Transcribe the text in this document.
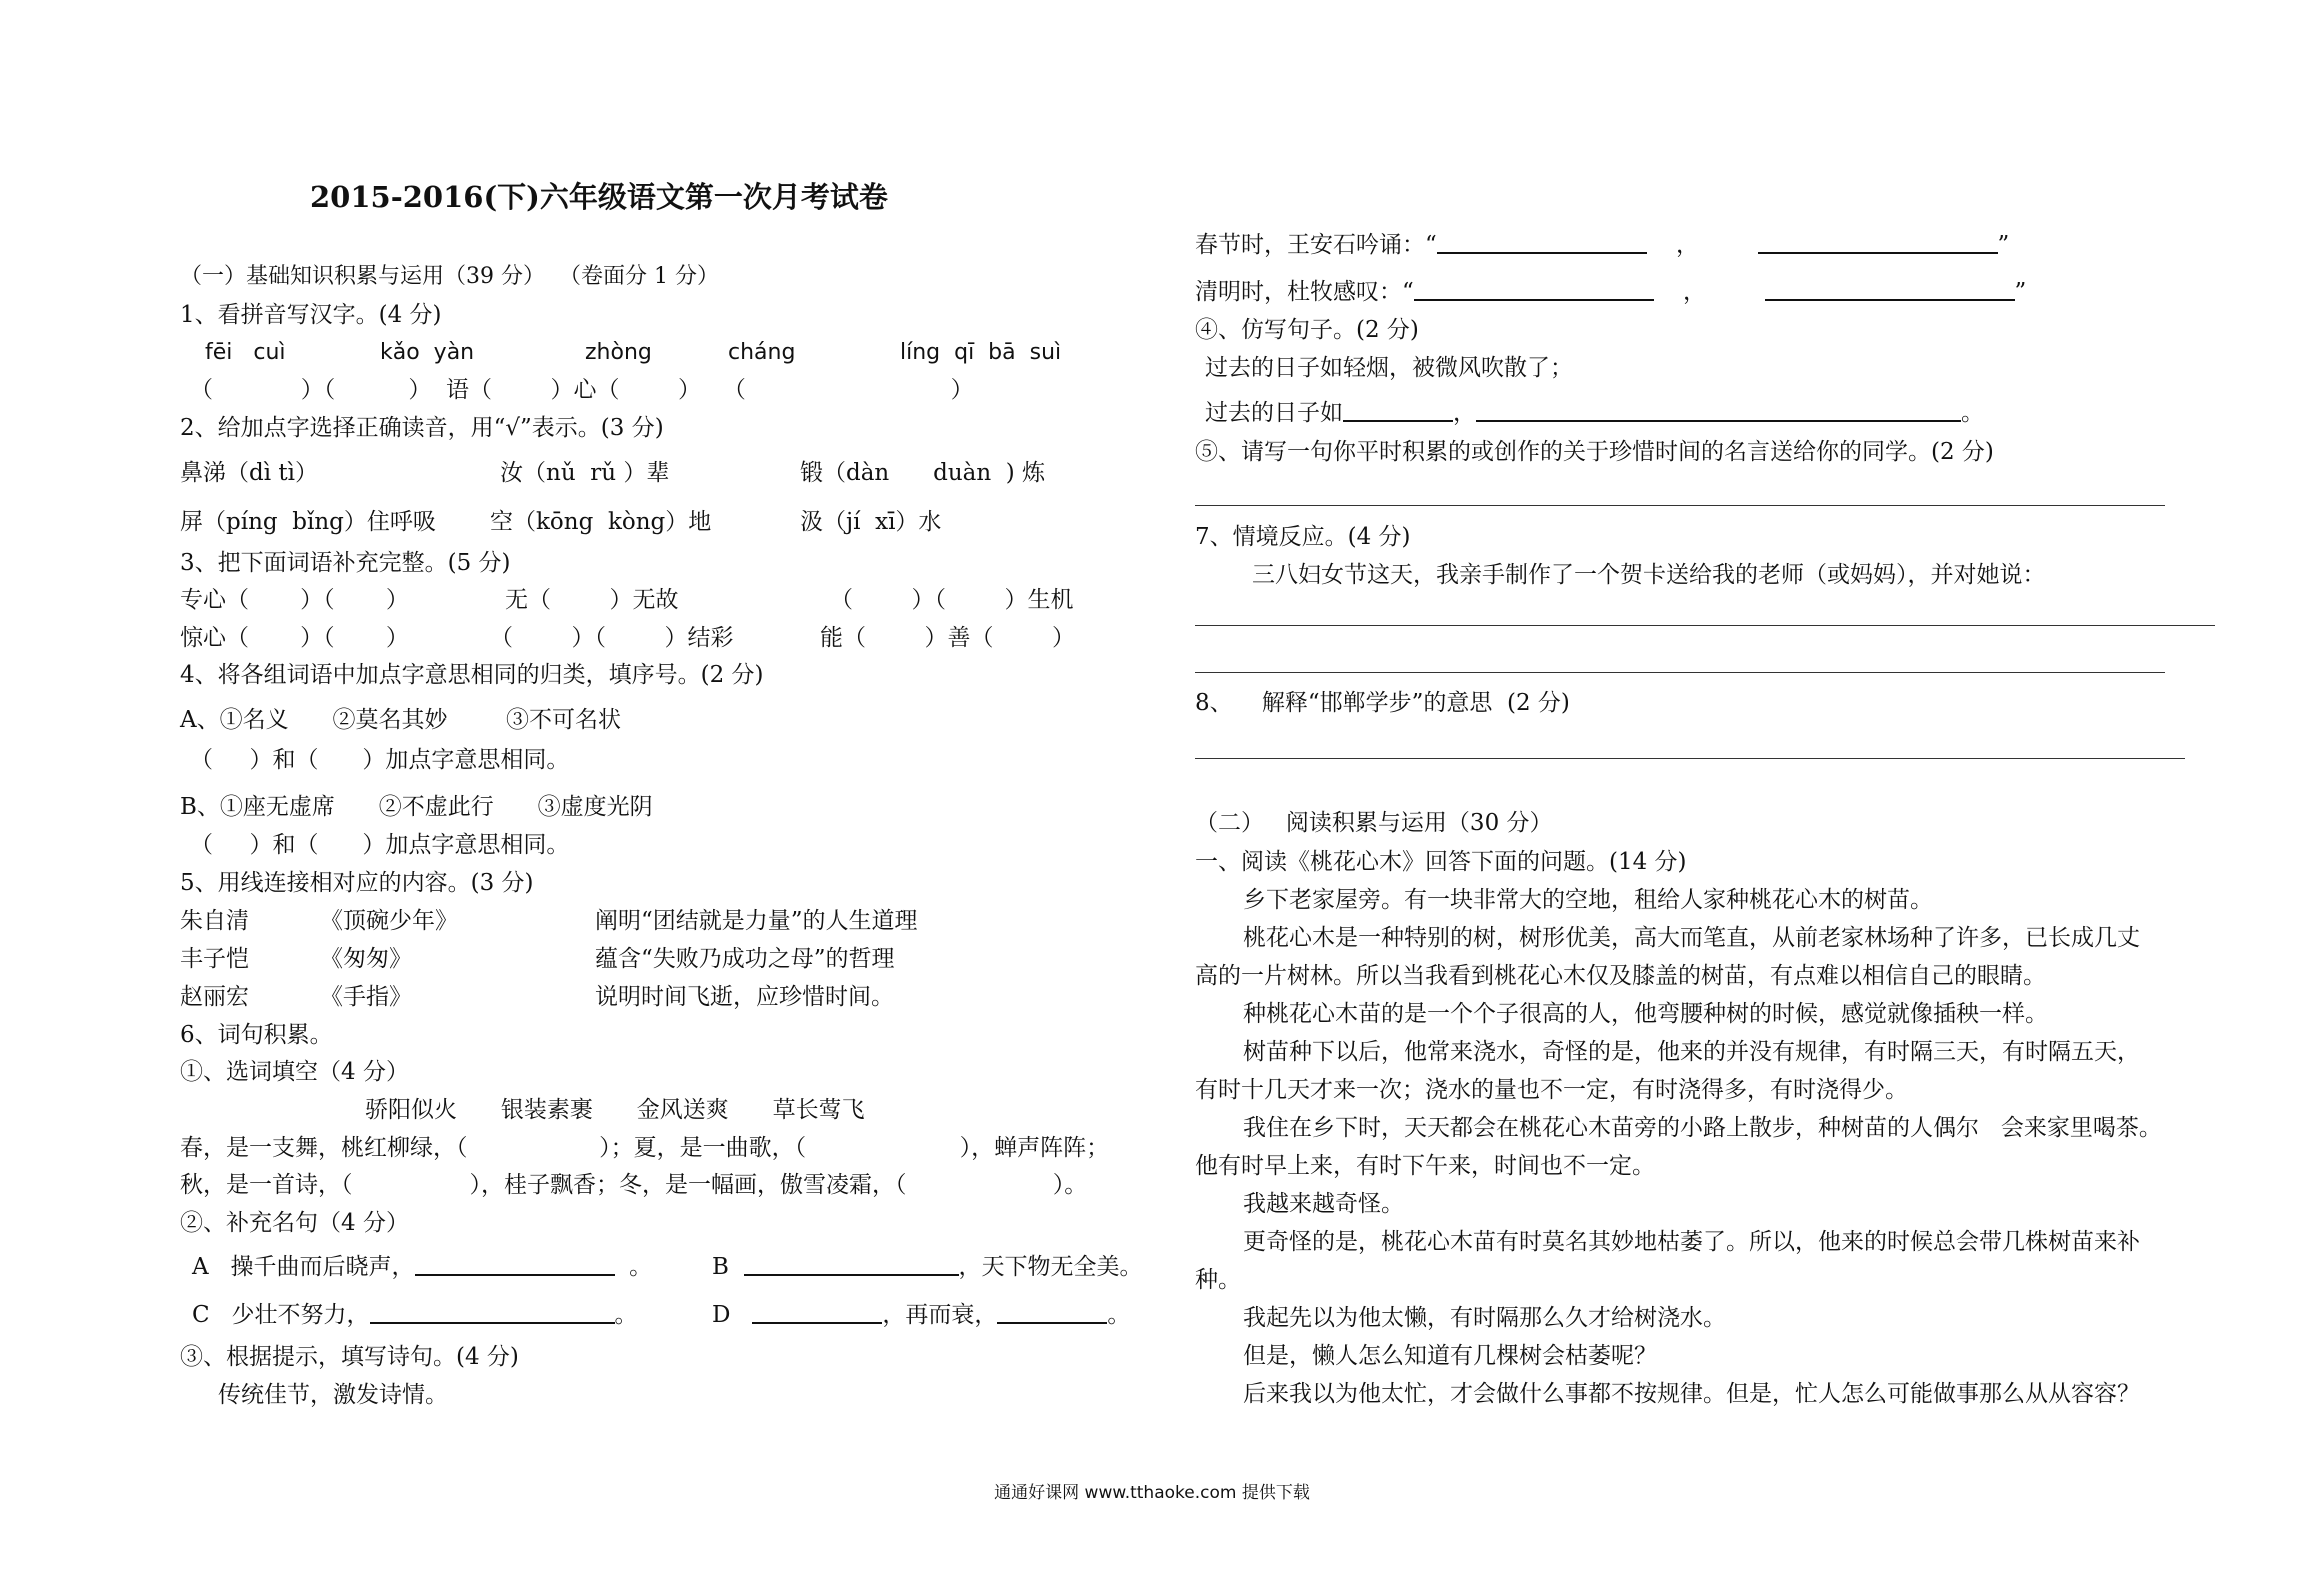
2015-2016(下)六年级语文第一次月考试卷
（一）基础知识积累与运用（39 分）  （卷面分 1 分）
1、看拼音写汉字。(4 分)
fēi   cuì	kǎo  yàn	zhòng	cháng	líng  qī  bā  suì
（            ）（          ）  语（        ）心（        ）   （                            ）
2、给加点字选择正确读音，用“√”表示。(3 分)
鼻涕（dì tì）	汝（nǔ  rǔ ）辈	锻（dàn      duàn  ) 炼
屏（píng  bǐng）住呼吸 空（kōng  kòng）地	汲（jí  xī）水
3、把下面词语补充完整。(5 分)
专心（       ）（       ）	无（        ）无故	（        ）（        ）生机
惊心（       ）（       ）	（        ）（        ）结彩	能（        ）善（        ）
4、将各组词语中加点字意思相同的归类，填序号。(2 分)
A、①名义      ②莫名其妙        ③不可名状
（     ）和（      ）加点字意思相同。
B、①座无虚席      ②不虚此行      ③虚度光阴
（     ）和（      ）加点字意思相同。
5、用线连接相对应的内容。(3 分)
朱自清	《顶碗少年》	阐明“团结就是力量”的人生道理
丰子恺	《匆匆》	蕴含“失败乃成功之母”的哲理
赵丽宏	《手指》	说明时间飞逝，应珍惜时间。
6、词句积累。
①、选词填空（4 分）
骄阳似火      银装素裹      金风送爽      草长莺飞
春，是一支舞，桃红柳绿，（                  ）；夏，是一曲歌，（                     ），蝉声阵阵；
秋，是一首诗，（                ），桂子飘香；冬，是一幅画，傲雪凌霜，（                    ）。
②、补充名句（4 分）
A   操千曲而后晓声，	。	B	，天下物无全美。
C   少壮不努力，	。	D	，再而衰，	。
③、根据提示，填写诗句。(4 分)
传统佳节，激发诗情。
春节时，王安石吟诵：“	，	”
清明时，杜牧感叹：“	，	”
④、仿写句子。(2 分)
过去的日子如轻烟，被微风吹散了；
过去的日子如	，	。
⑤、请写一句你平时积累的或创作的关于珍惜时间的名言送给你的同学。(2 分)
7、情境反应。(4 分)
三八妇女节这天，我亲手制作了一个贺卡送给我的老师（或妈妈），并对她说：
8、    解释“邯郸学步”的意思  (2 分)
（二）   阅读积累与运用（30 分）
一、阅读《桃花心木》回答下面的问题。(14 分)
乡下老家屋旁。有一块非常大的空地，租给人家种桃花心木的树苗。
桃花心木是一种特别的树，树形优美，高大而笔直，从前老家林场种了许多，已长成几丈
高的一片树林。所以当我看到桃花心木仅及膝盖的树苗，有点难以相信自己的眼睛。
种桃花心木苗的是一个个子很高的人，他弯腰种树的时候，感觉就像插秧一样。
树苗种下以后，他常来浇水，奇怪的是，他来的并没有规律，有时隔三天，有时隔五天，
有时十几天才来一次；浇水的量也不一定，有时浇得多，有时浇得少。
我住在乡下时，天天都会在桃花心木苗旁的小路上散步，种树苗的人偶尔   会来家里喝茶。
他有时早上来，有时下午来，时间也不一定。
我越来越奇怪。
更奇怪的是，桃花心木苗有时莫名其妙地枯萎了。所以，他来的时候总会带几株树苗来补
种。
我起先以为他太懒，有时隔那么久才给树浇水。
但是，懒人怎么知道有几棵树会枯萎呢？
后来我以为他太忙，才会做什么事都不按规律。但是，忙人怎么可能做事那么从从容容？
通通好课网 www.tthaoke.com 提供下载
